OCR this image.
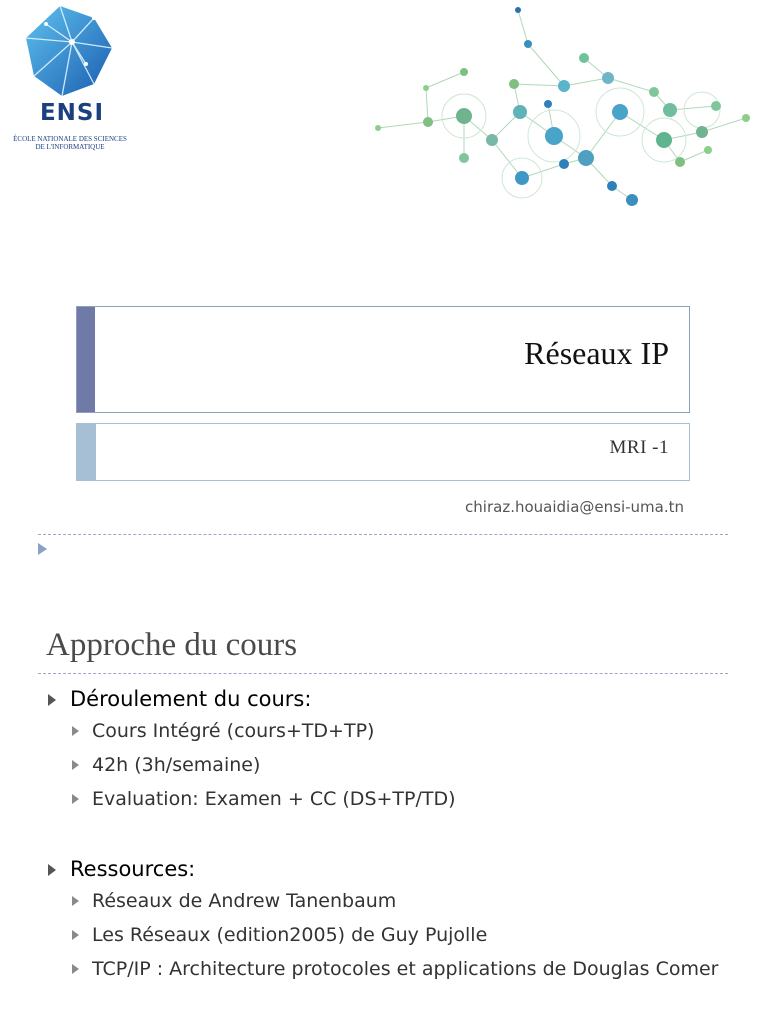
ENSI
ÉCOLE NATIONALE DES SCIENCES
DE L'INFORMATIQUE
Réseaux IP
MRI -1
chiraz.houaidia@ensi-uma.tn
Approche du cours
Déroulement du cours:
Cours Intégré (cours+TD+TP)
42h (3h/semaine)
Evaluation: Examen + CC (DS+TP/TD)
Ressources:
Réseaux de Andrew Tanenbaum
Les Réseaux (edition2005) de Guy Pujolle
TCP/IP : Architecture protocoles et applications de Douglas Comer
